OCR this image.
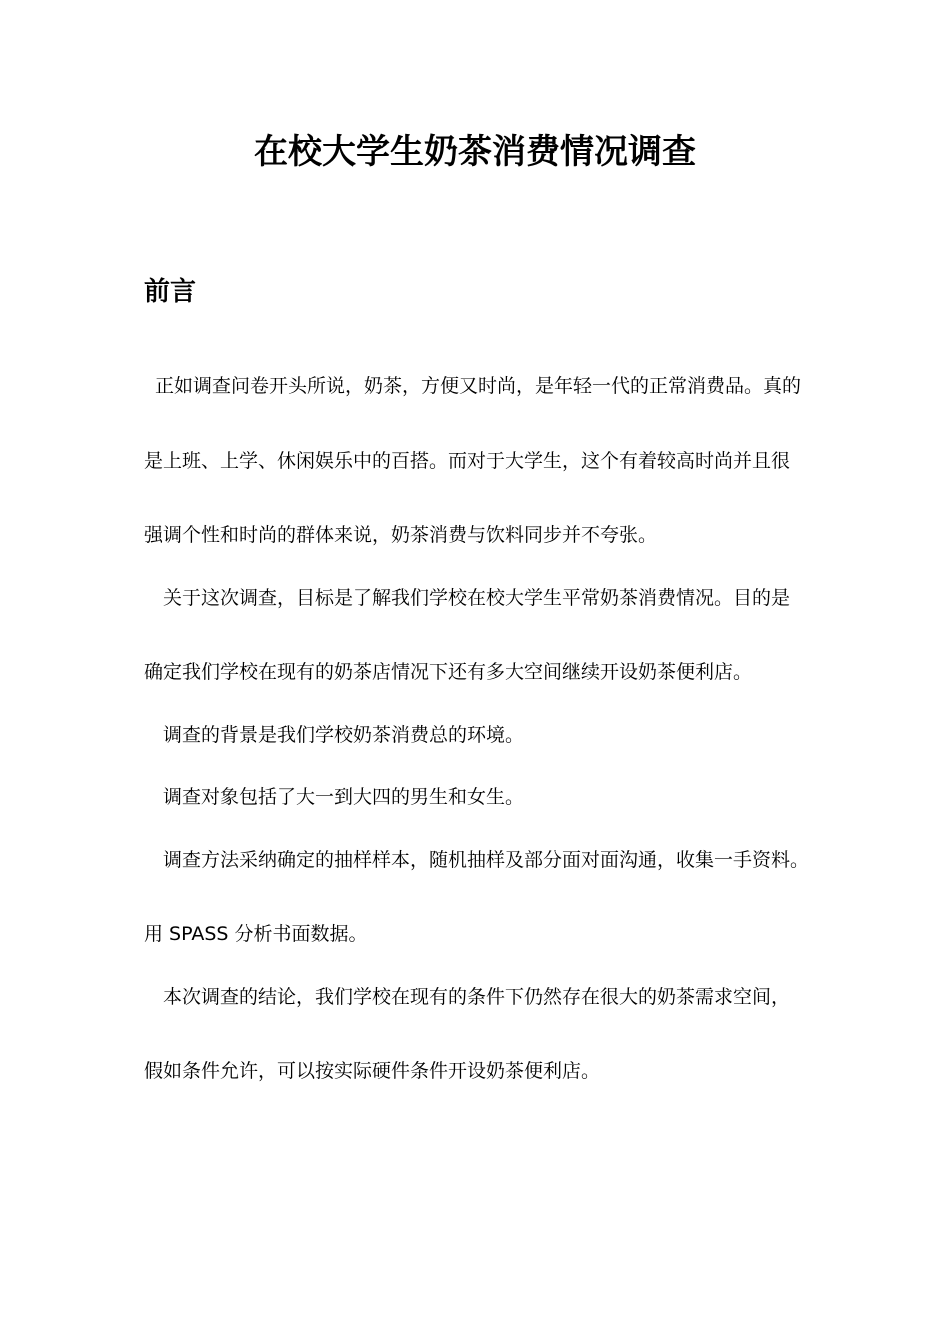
在校大学生奶茶消费情况调查
前言
正如调查问卷开头所说，奶茶，方便又时尚，是年轻一代的正常消费品。真的
是上班、上学、休闲娱乐中的百搭。而对于大学生，这个有着较高时尚并且很
强调个性和时尚的群体来说，奶茶消费与饮料同步并不夸张。
关于这次调查，目标是了解我们学校在校大学生平常奶茶消费情况。目的是
确定我们学校在现有的奶茶店情况下还有多大空间继续开设奶茶便利店。
调查的背景是我们学校奶茶消费总的环境。
调查对象包括了大一到大四的男生和女生。
调查方法采纳确定的抽样样本，随机抽样及部分面对面沟通，收集一手资料。
用 SPASS 分析书面数据。
本次调查的结论，我们学校在现有的条件下仍然存在很大的奶茶需求空间，
假如条件允许，可以按实际硬件条件开设奶茶便利店。
